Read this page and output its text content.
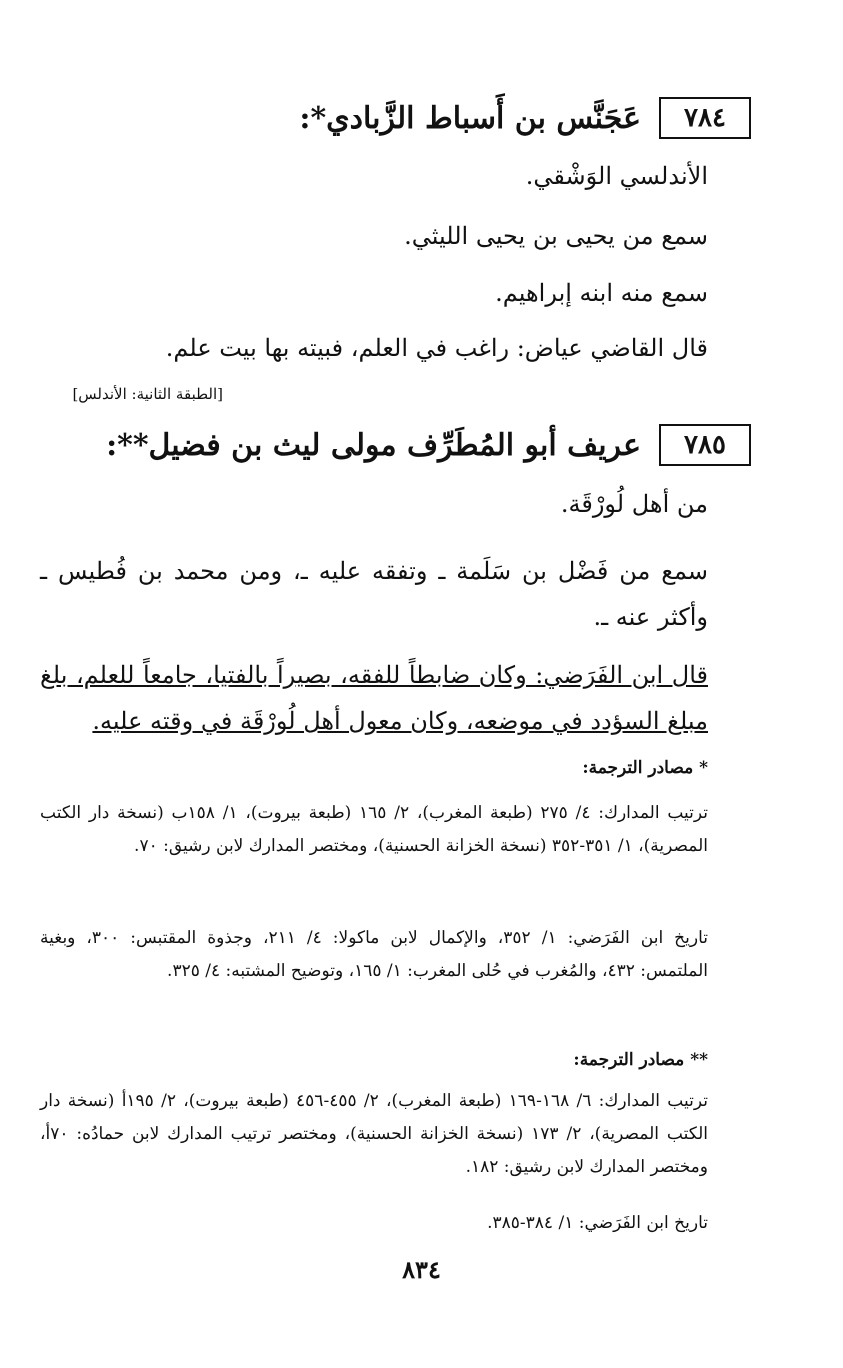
٧٨٤
عَجَنَّس بن أَسباط الزَّبادي*:
الأندلسي الوَشْقي.
سمع من يحيى بن يحيى الليثي.
سمع منه ابنه إبراهيم.
قال القاضي عياض: راغب في العلم، فبيته بها بيت علم.
[الطبقة الثانية: الأندلس]
٧٨٥
عريف أبو المُطَرِّف مولى ليث بن فضيل**:
من أهل لُورْقَة.
سمع من فَضْل بن سَلَمة ـ وتفقه عليه ـ، ومن محمد بن فُطيس ـ وأكثر عنه ـ.
قال ابن الفَرَضي: وكان ضابطاً للفقه، بصيراً بالفتيا، جامعاً للعلم، بلغ مبلغ السؤدد في موضعه، وكان معول أهل لُورْقَة في وقته عليه.
* مصادر الترجمة:
ترتيب المدارك: ٤/ ٢٧٥ (طبعة المغرب)، ٢/ ١٦٥ (طبعة بيروت)، ١/ ١٥٨ب (نسخة دار الكتب المصرية)، ١/ ٣٥١-٣٥٢ (نسخة الخزانة الحسنية)، ومختصر المدارك لابن رشيق: ٧٠.
تاريخ ابن الفَرَضي: ١/ ٣٥٢، والإكمال لابن ماكولا: ٤/ ٢١١، وجذوة المقتبس: ٣٠٠، وبغية الملتمس: ٤٣٢، والمُغرب في حُلى المغرب: ١/ ١٦٥، وتوضيح المشتبه: ٤/ ٣٢٥.
** مصادر الترجمة:
ترتيب المدارك: ٦/ ١٦٨-١٦٩ (طبعة المغرب)، ٢/ ٤٥٥-٤٥٦ (طبعة بيروت)، ٢/ ١٩٥أ (نسخة دار الكتب المصرية)، ٢/ ١٧٣ (نسخة الخزانة الحسنية)، ومختصر ترتيب المدارك لابن حمادُه: ٧٠أ، ومختصر المدارك لابن رشيق: ١٨٢.
تاريخ ابن الفَرَضي: ١/ ٣٨٤-٣٨٥.
٨٣٤
